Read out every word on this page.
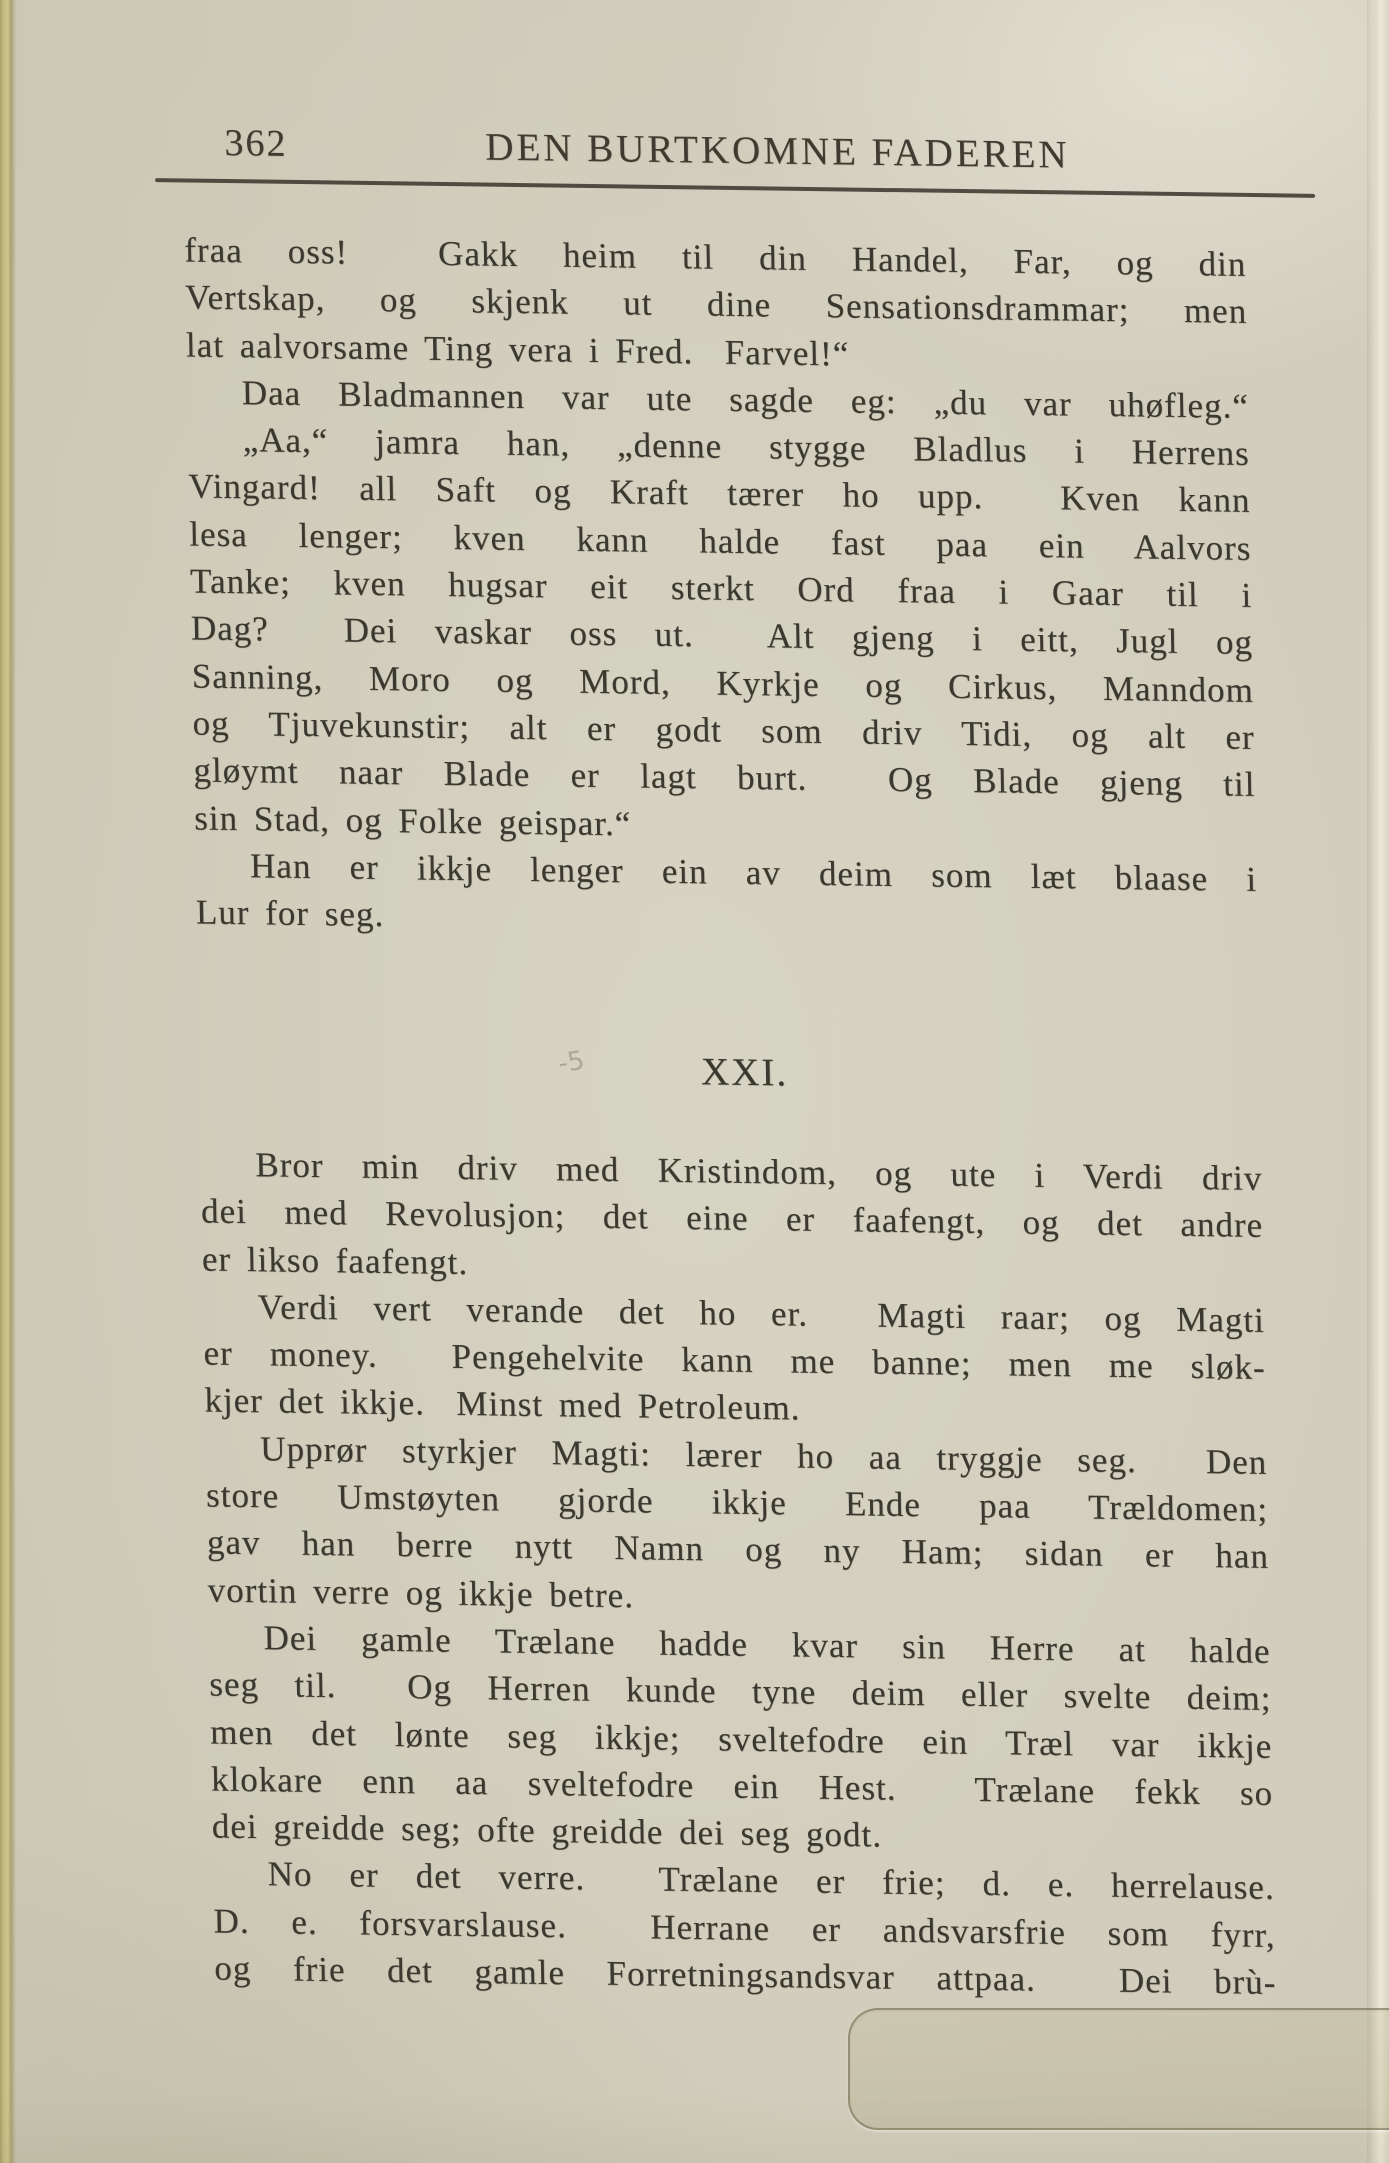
362	DEN BURTKOMNE FADEREN
fraa oss!  Gakk heim til din Handel, Far, og din
Vertskap, og skjenk ut dine Sensationsdrammar; men
lat aalvorsame Ting vera i Fred.  Farvel!“
Daa Bladmannen var ute sagde eg: „du var uhøfleg.“
„Aa,“ jamra han, „denne stygge Bladlus i Herrens
Vingard! all Saft og Kraft tærer ho upp.  Kven kann
lesa lenger; kven kann halde fast paa ein Aalvors
Tanke; kven hugsar eit sterkt Ord fraa i Gaar til i
Dag?  Dei vaskar oss ut.  Alt gjeng i eitt, Jugl og
Sanning, Moro og Mord, Kyrkje og Cirkus, Manndom
og Tjuvekunstir; alt er godt som driv Tidi, og alt er
gløymt naar Blade er lagt burt.  Og Blade gjeng til
sin Stad, og Folke geispar.“
Han er ikkje lenger ein av deim som læt blaase i
Lur for seg.
-5	XXI.
Bror min driv med Kristindom, og ute i Verdi driv
dei med Revolusjon; det eine er faafengt, og det andre
er likso faafengt.
Verdi vert verande det ho er.  Magti raar; og Magti
er money.  Pengehelvite kann me banne; men me sløk-
kjer det ikkje.  Minst med Petroleum.
Upprør styrkjer Magti: lærer ho aa tryggje seg.  Den
store Umstøyten gjorde ikkje Ende paa Trældomen;
gav han berre nytt Namn og ny Ham; sidan er han
vortin verre og ikkje betre.
Dei gamle Trælane hadde kvar sin Herre at halde
seg til.  Og Herren kunde tyne deim eller svelte deim;
men det lønte seg ikkje; sveltefodre ein Træl var ikkje
klokare enn aa sveltefodre ein Hest.  Trælane fekk so
dei greidde seg; ofte greidde dei seg godt.
No er det verre.  Trælane er frie; d. e. herrelause.
D. e. forsvarslause.  Herrane er andsvarsfrie som fyrr,
og frie det gamle Forretningsandsvar attpaa.  Dei brù-
